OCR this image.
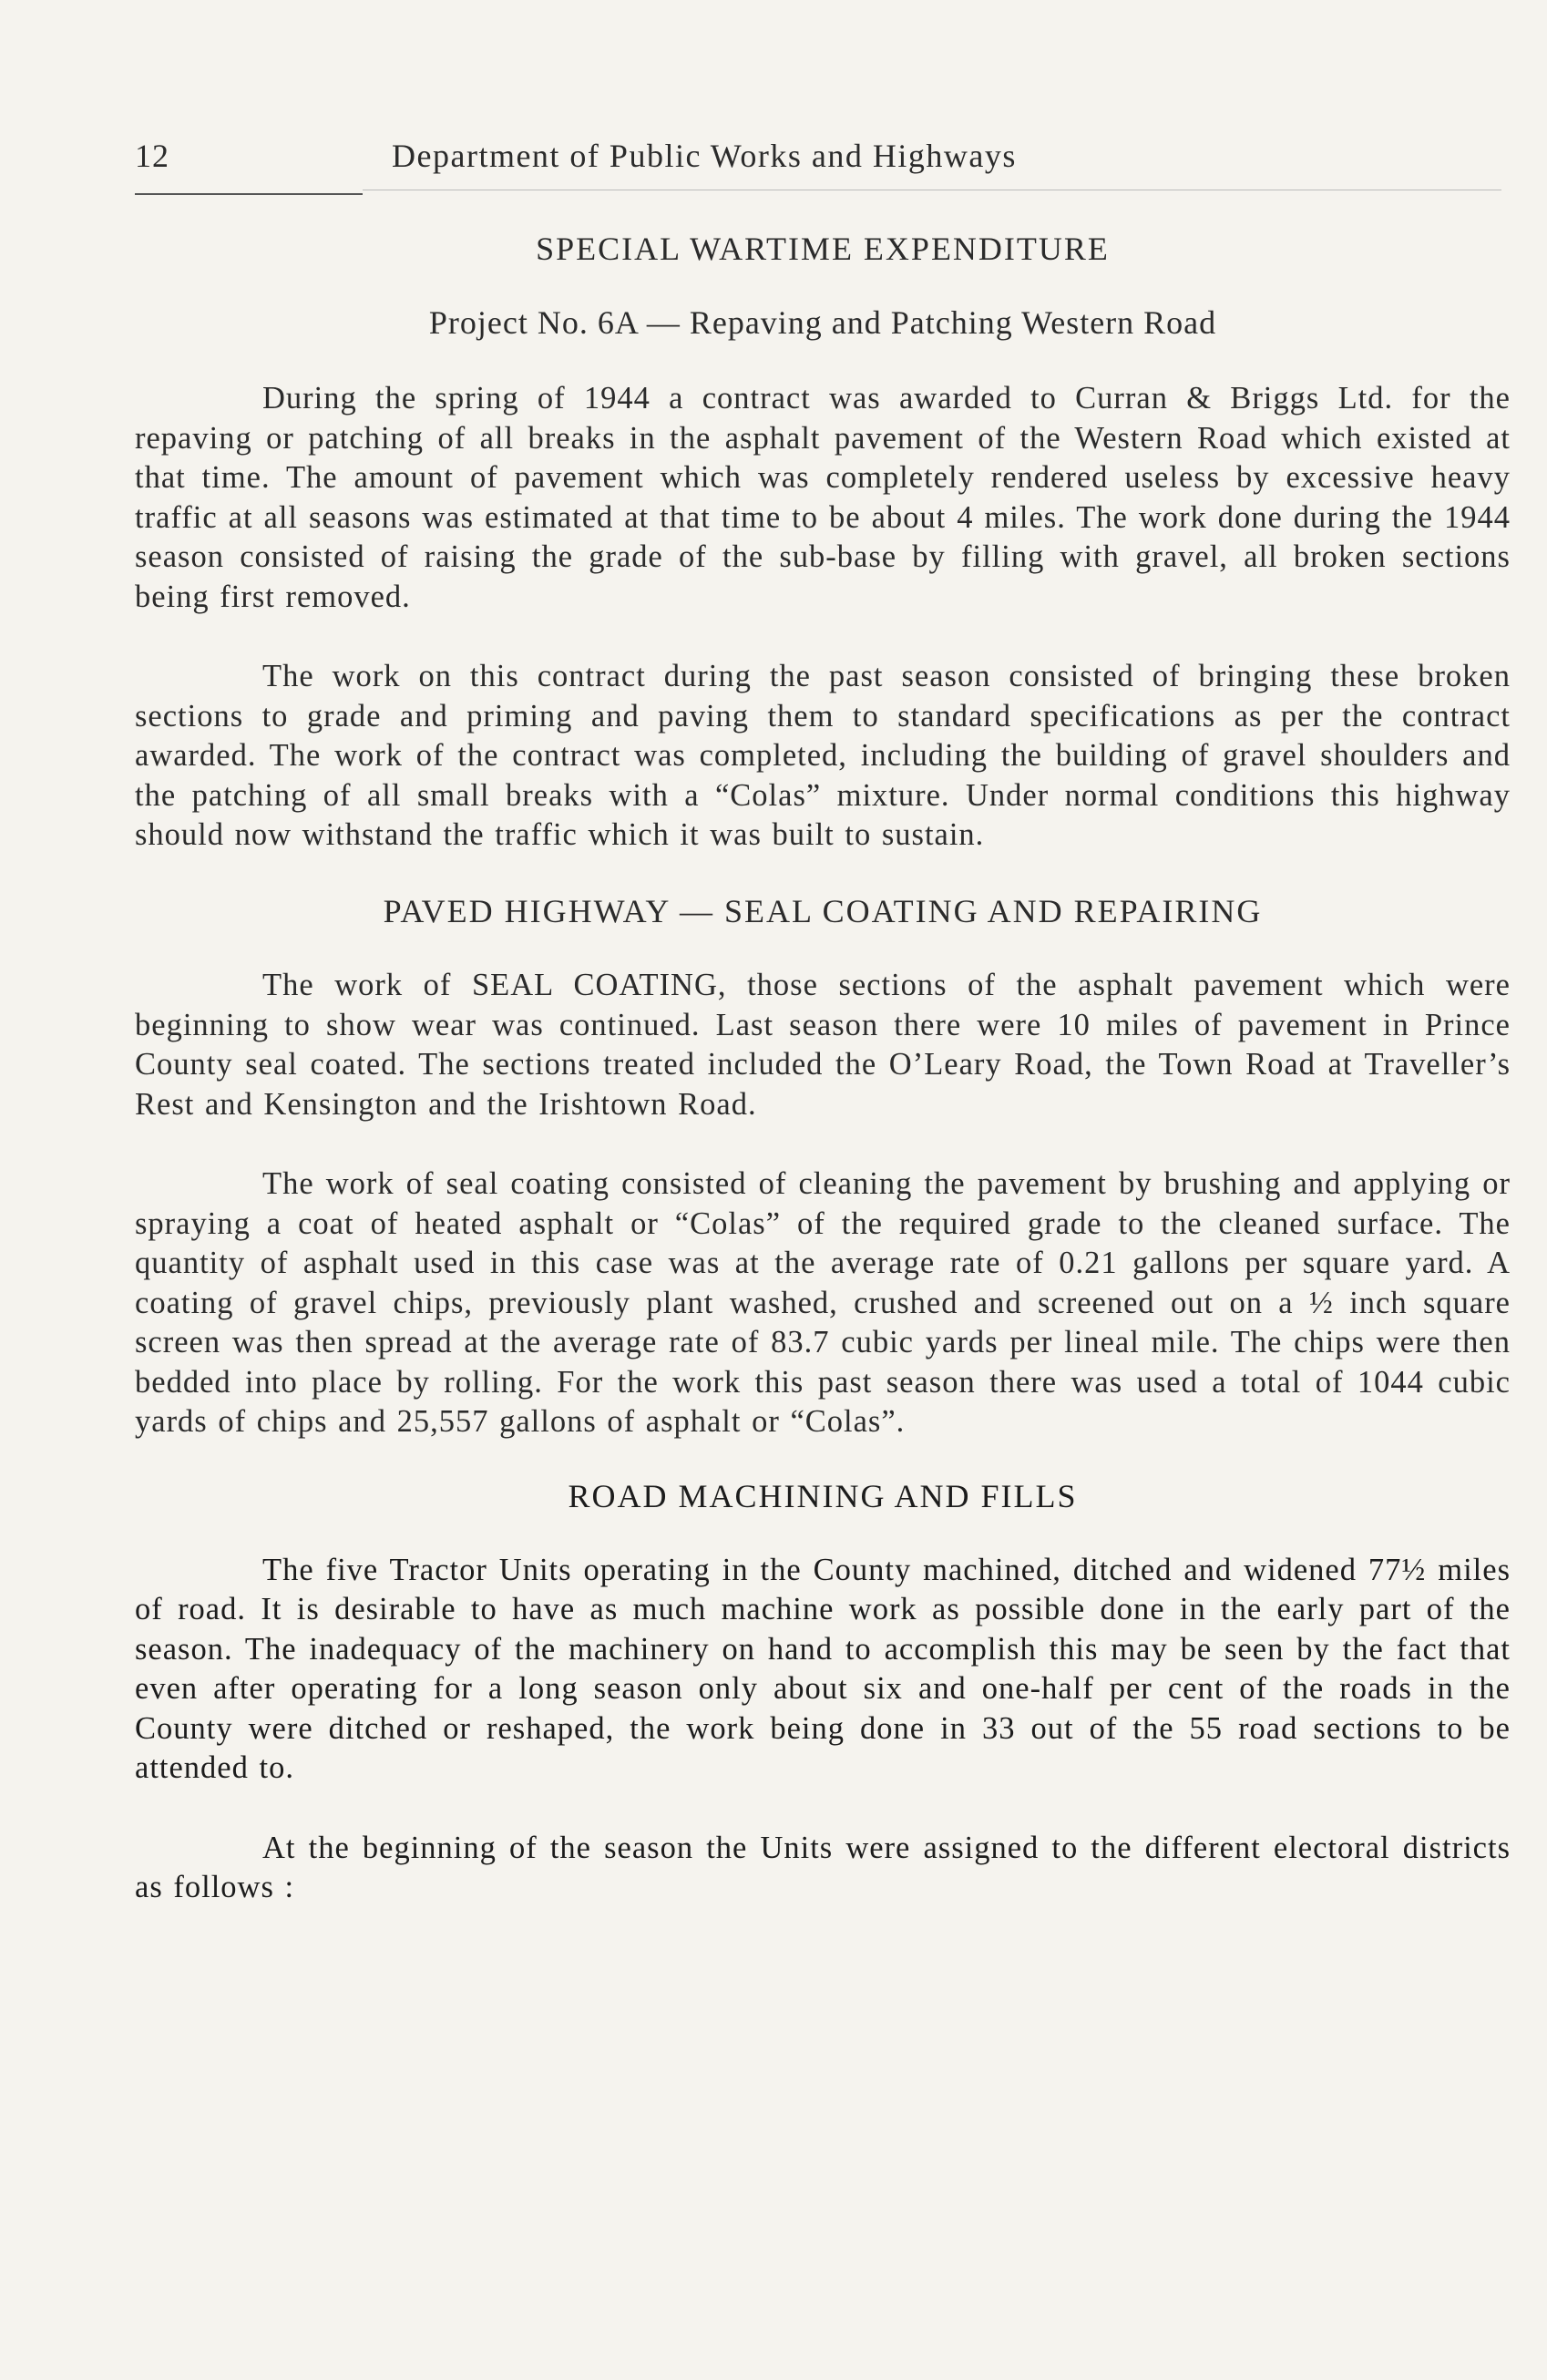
12	Department of Public Works and Highways
SPECIAL WARTIME EXPENDITURE
Project No. 6A — Repaving and Patching Western Road

During the spring of 1944 a contract was awarded to Curran & Briggs Ltd. for the repaving or patching of all breaks in the asphalt pavement of the Western Road which existed at that time. The amount of pavement which was completely rendered useless by excessive heavy traffic at all seasons was estimated at that time to be about 4 miles. The work done during the 1944 season consisted of raising the grade of the sub-base by filling with gravel, all broken sections being first removed.

The work on this contract during the past season consisted of bringing these broken sections to grade and priming and paving them to standard specifications as per the contract awarded. The work of the contract was completed, including the building of gravel shoulders and the patching of all small breaks with a “Colas” mixture. Under normal conditions this highway should now withstand the traffic which it was built to sustain.

PAVED HIGHWAY — SEAL COATING AND REPAIRING

The work of SEAL COATING, those sections of the asphalt pavement which were beginning to show wear was continued. Last season there were 10 miles of pavement in Prince County seal coated. The sections treated included the O’Leary Road, the Town Road at Traveller’s Rest and Kensington and the Irishtown Road.

The work of seal coating consisted of cleaning the pavement by brushing and applying or spraying a coat of heated asphalt or “Colas” of the required grade to the cleaned surface. The quantity of asphalt used in this case was at the average rate of 0.21 gallons per square yard. A coating of gravel chips, previously plant washed, crushed and screened out on a ½ inch square screen was then spread at the average rate of 83.7 cubic yards per lineal mile. The chips were then bedded into place by rolling. For the work this past season there was used a total of 1044 cubic yards of chips and 25,557 gallons of asphalt or “Colas”.

ROAD MACHINING AND FILLS

The five Tractor Units operating in the County machined, ditched and widened 77½ miles of road. It is desirable to have as much machine work as possible done in the early part of the season. The inadequacy of the machinery on hand to accomplish this may be seen by the fact that even after operating for a long season only about six and one-half per cent of the roads in the County were ditched or reshaped, the work being done in 33 out of the 55 road sections to be attended to.

At the beginning of the season the Units were assigned to the different electoral districts as follows :
